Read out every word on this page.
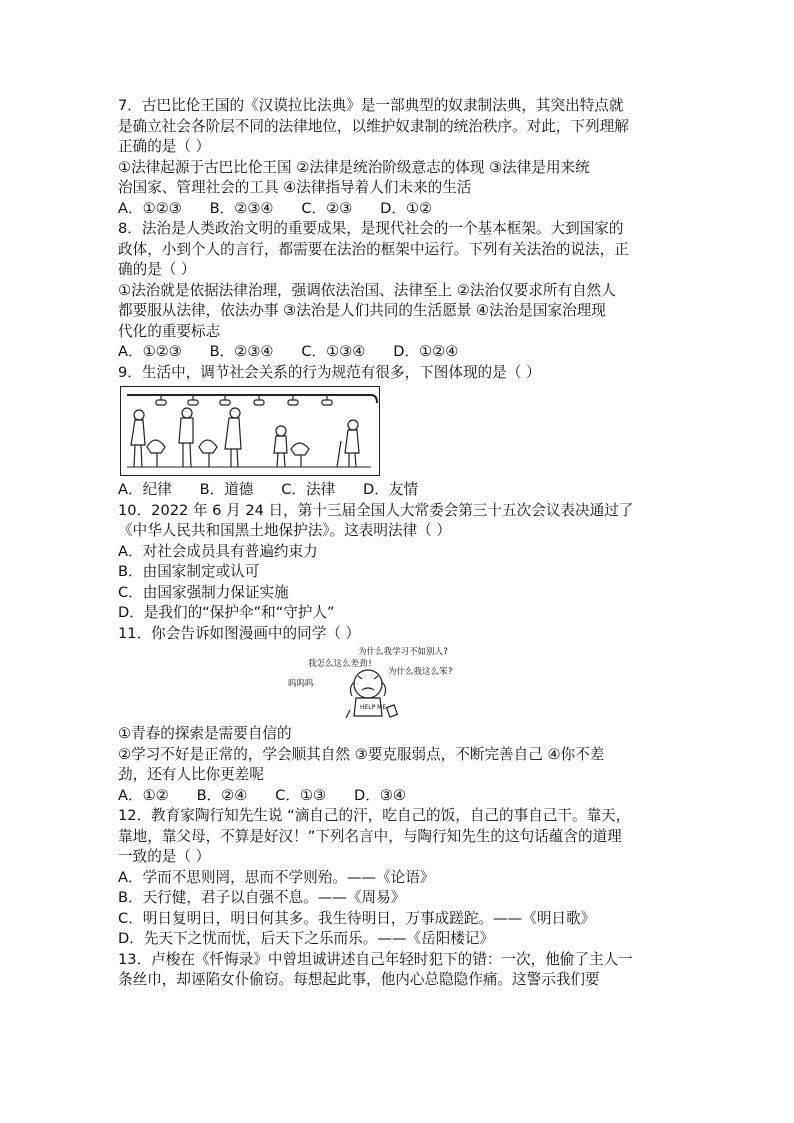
7．古巴比伦王国的《汉谟拉比法典》是一部典型的奴隶制法典，其突出特点就
是确立社会各阶层不同的法律地位，以维护奴隶制的统治秩序。对此，下列理解
正确的是（ ）
①法律起源于古巴比伦王国 ②法律是统治阶级意志的体现 ③法律是用来统
治国家、管理社会的工具 ④法律指导着人们未来的生活
A．①②③      B．②③④      C．②③      D．①②
8．法治是人类政治文明的重要成果，是现代社会的一个基本框架。大到国家的
政体，小到个人的言行，都需要在法治的框架中运行。下列有关法治的说法，正
确的是（ ）
①法治就是依据法律治理，强调依法治国、法律至上 ②法治仅要求所有自然人
都要服从法律，依法办事 ③法治是人们共同的生活愿景 ④法治是国家治理现
代化的重要标志
A．①②③      B．②③④      C．①③④      D．①②④
9．生活中，调节社会关系的行为规范有很多，下图体现的是（ ）
A．纪律      B．道德      C．法律      D．友情
10．2022 年 6 月 24 日，第十三届全国人大常委会第三十五次会议表决通过了
《中华人民共和国黑土地保护法》。这表明法律（ ）
A．对社会成员具有普遍约束力
B．由国家制定或认可
C．由国家强制力保证实施
D．是我们的“保护伞”和“守护人”
11．你会告诉如图漫画中的同学（ ）
为什么我学习不如别人?
我怎么这么差劲!
为什么我这么笨?
呜呜呜
HELP ME
①青春的探索是需要自信的
②学习不好是正常的，学会顺其自然 ③要克服弱点，不断完善自己 ④你不差
劲，还有人比你更差呢
A．①②      B．②④      C．①③      D．③④
12．教育家陶行知先生说 “滴自己的汗，吃自己的饭，自己的事自己干。靠天，
靠地，靠父母，不算是好汉！”下列名言中，与陶行知先生的这句话蕴含的道理
一致的是（ ）
A．学而不思则罔，思而不学则殆。——《论语》
B．天行健，君子以自强不息。——《周易》
C．明日复明日，明日何其多。我生待明日，万事成蹉跎。——《明日歌》
D．先天下之忧而忧，后天下之乐而乐。——《岳阳楼记》
13．卢梭在《忏悔录》中曾坦诚讲述自己年轻时犯下的错：一次，他偷了主人一
条丝巾，却诬陷女仆偷窃。每想起此事，他内心总隐隐作痛。这警示我们要
